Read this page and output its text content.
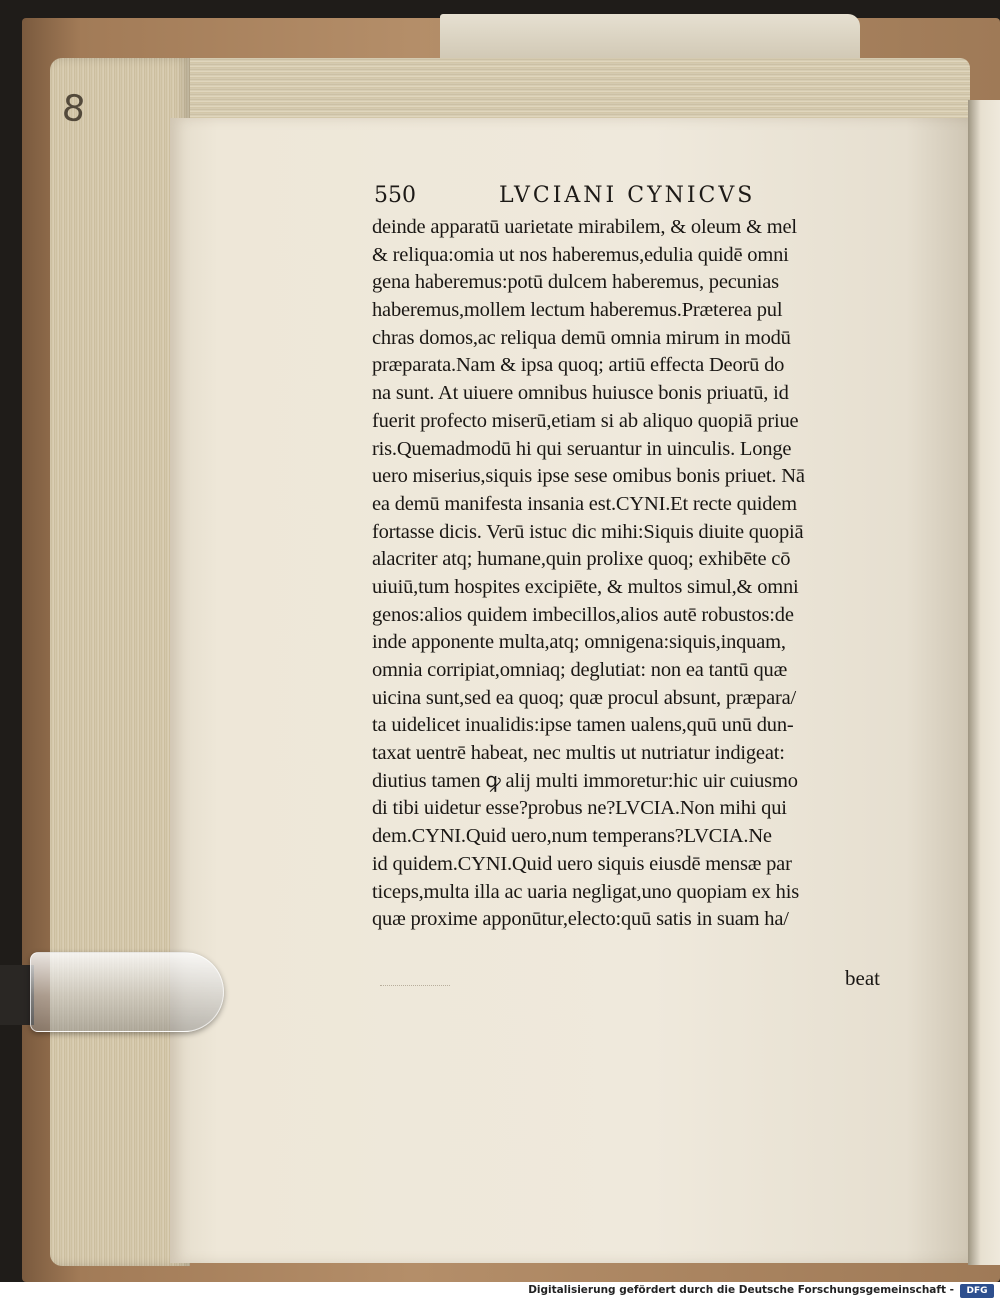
8
550	LVCIANI CYNICVS
deinde apparatū uarietate mirabilem, & oleum & mel
& reliqua:omia ut nos haberemus,edulia quidē omni
gena haberemus:potū dulcem haberemus, pecunias
haberemus,mollem lectum haberemus.Præterea pul
chras domos,ac reliqua demū omnia mirum in modū
præparata.Nam & ipsa quoq; artiū effecta Deorū do
na sunt. At uiuere omnibus huiusce bonis priuatū, id
fuerit profecto miserū,etiam si ab aliquo quopiā priue
ris.Quemadmodū hi qui seruantur in uinculis. Longe
uero miserius,siquis ipse sese omibus bonis priuet. Nā
ea demū manifesta insania est.CYNI.Et recte quidem
fortasse dicis. Verū istuc dic mihi:Siquis diuite quopiā
alacriter atq; humane,quin prolixe quoq; exhibēte cō
uiuiū,tum hospites excipiēte, & multos simul,& omni
genos:alios quidem imbecillos,alios autē robustos:de
inde apponente multa,atq; omnigena:siquis,inquam,
omnia corripiat,omniaq; deglutiat: non ea tantū quæ
uicina sunt,sed ea quoq; quæ procul absunt, præpara/
ta uidelicet inualidis:ipse tamen ualens,quū unū dun-
taxat uentrē habeat, nec multis ut nutriatur indigeat:
diutius tamen ꝙ alij multi immoretur:hic uir cuiusmo
di tibi uidetur esse?probus ne?LVCIA.Non mihi qui
dem.CYNI.Quid uero,num temperans?LVCIA.Ne
id quidem.CYNI.Quid uero siquis eiusdē mensæ par
ticeps,multa illa ac uaria negligat,uno quopiam ex his
quæ proxime apponūtur,electo:quū satis in suam ha/
beat
Digitalisierung gefördert durch die Deutsche Forschungsgemeinschaft -	DFG
